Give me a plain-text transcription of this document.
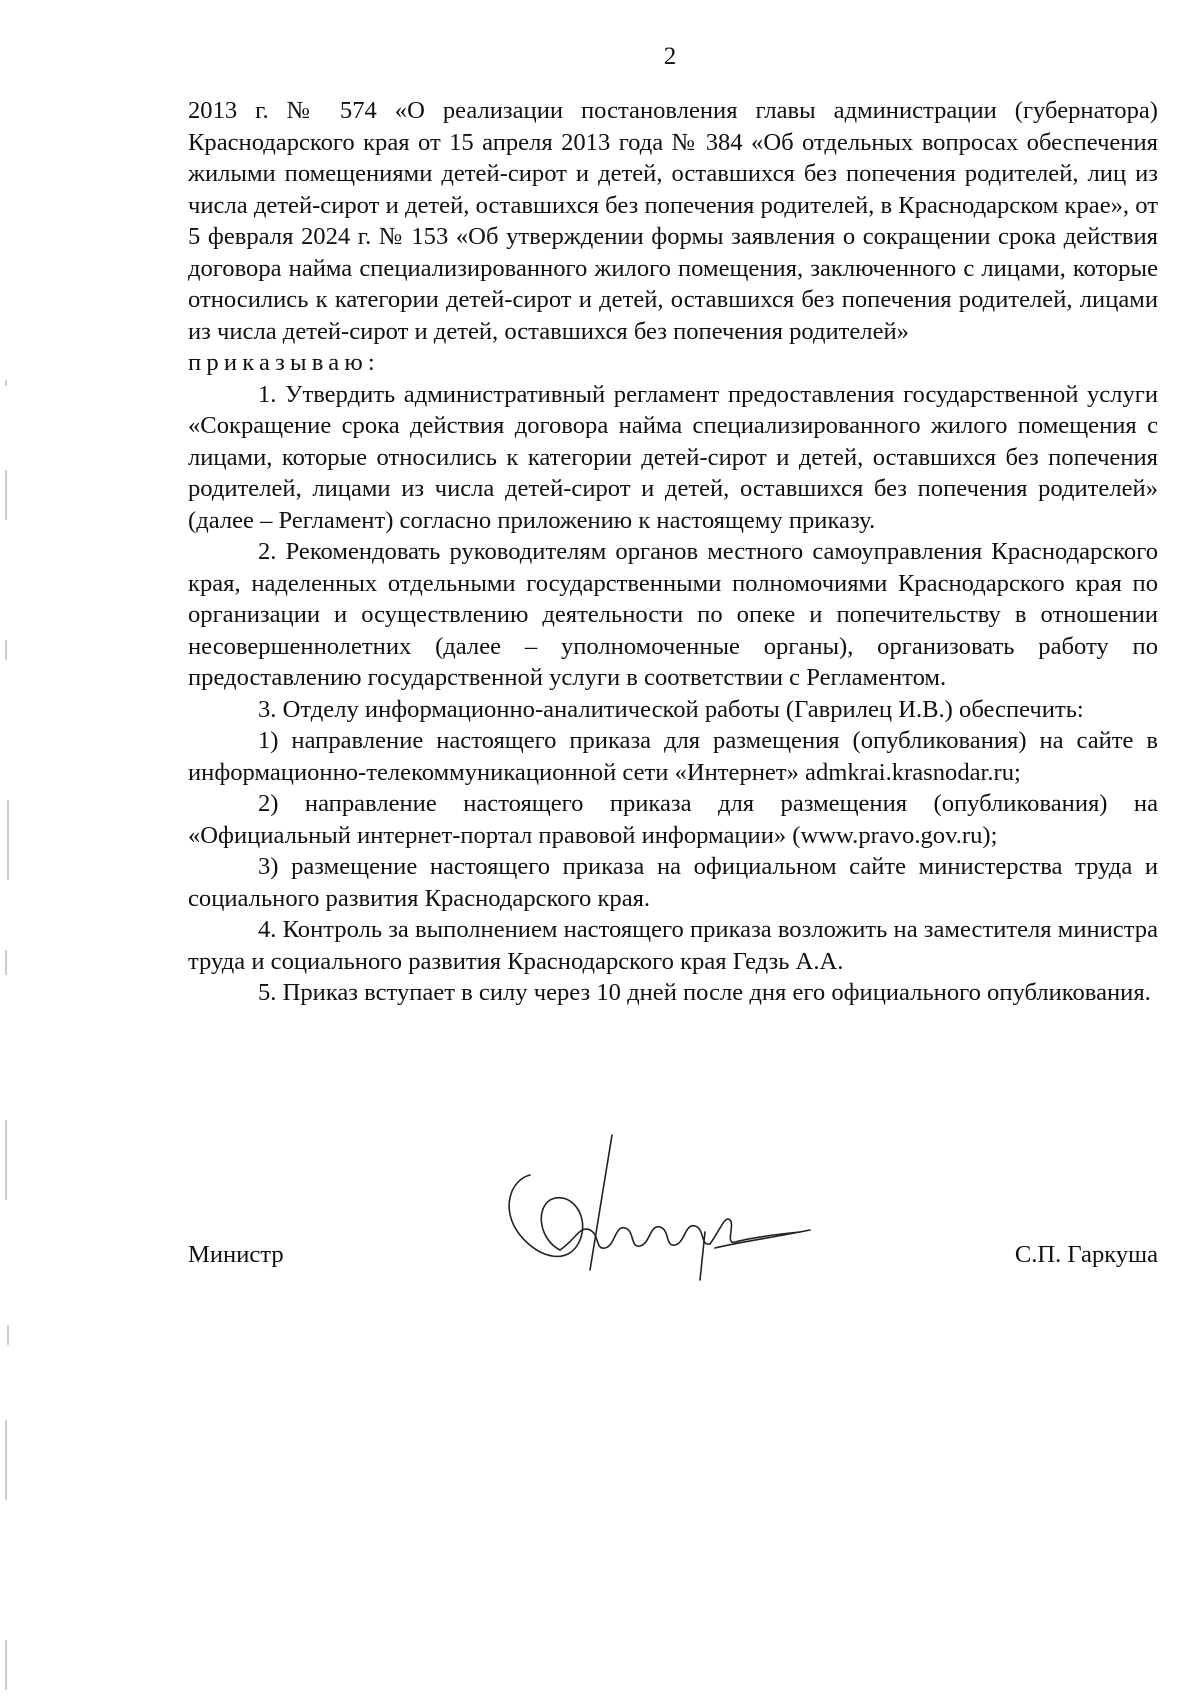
2

2013 г. № 574 «О реализации постановления главы администрации (губернатора) Краснодарского края от 15 апреля 2013 года № 384 «Об отдельных вопросах обеспечения жилыми помещениями детей-сирот и детей, оставшихся без попечения родителей, лиц из числа детей-сирот и детей, оставшихся без попечения родителей, в Краснодарском крае», от 5 февраля 2024 г. № 153 «Об утверждении формы заявления о сокращении срока действия договора найма специализированного жилого помещения, заключенного с лицами, которые относились к категории детей-сирот и детей, оставшихся без попечения родителей, лицами из числа детей-сирот и детей, оставшихся без попечения родителей»

приказываю:

1. Утвердить административный регламент предоставления государственной услуги «Сокращение срока действия договора найма специализированного жилого помещения с лицами, которые относились к категории детей-сирот и детей, оставшихся без попечения родителей, лицами из числа детей-сирот и детей, оставшихся без попечения родителей» (далее – Регламент) согласно приложению к настоящему приказу.

2. Рекомендовать руководителям органов местного самоуправления Краснодарского края, наделенных отдельными государственными полномочиями Краснодарского края по организации и осуществлению деятельности по опеке и попечительству в отношении несовершеннолетних (далее – уполномоченные органы), организовать работу по предоставлению государственной услуги в соответствии с Регламентом.

3. Отделу информационно-аналитической работы (Гаврилец И.В.) обеспечить:

1) направление настоящего приказа для размещения (опубликования) на сайте в информационно-телекоммуникационной сети «Интернет» admkrai.krasnodar.ru;

2) направление настоящего приказа для размещения (опубликования) на «Официальный интернет-портал правовой информации» (www.pravo.gov.ru);

3) размещение настоящего приказа на официальном сайте министерства труда и социального развития Краснодарского края.

4. Контроль за выполнением настоящего приказа возложить на заместителя министра труда и социального развития Краснодарского края Гедзь А.А.

5. Приказ вступает в силу через 10 дней после дня его официального опубликования.

Министр	С.П. Гаркуша
